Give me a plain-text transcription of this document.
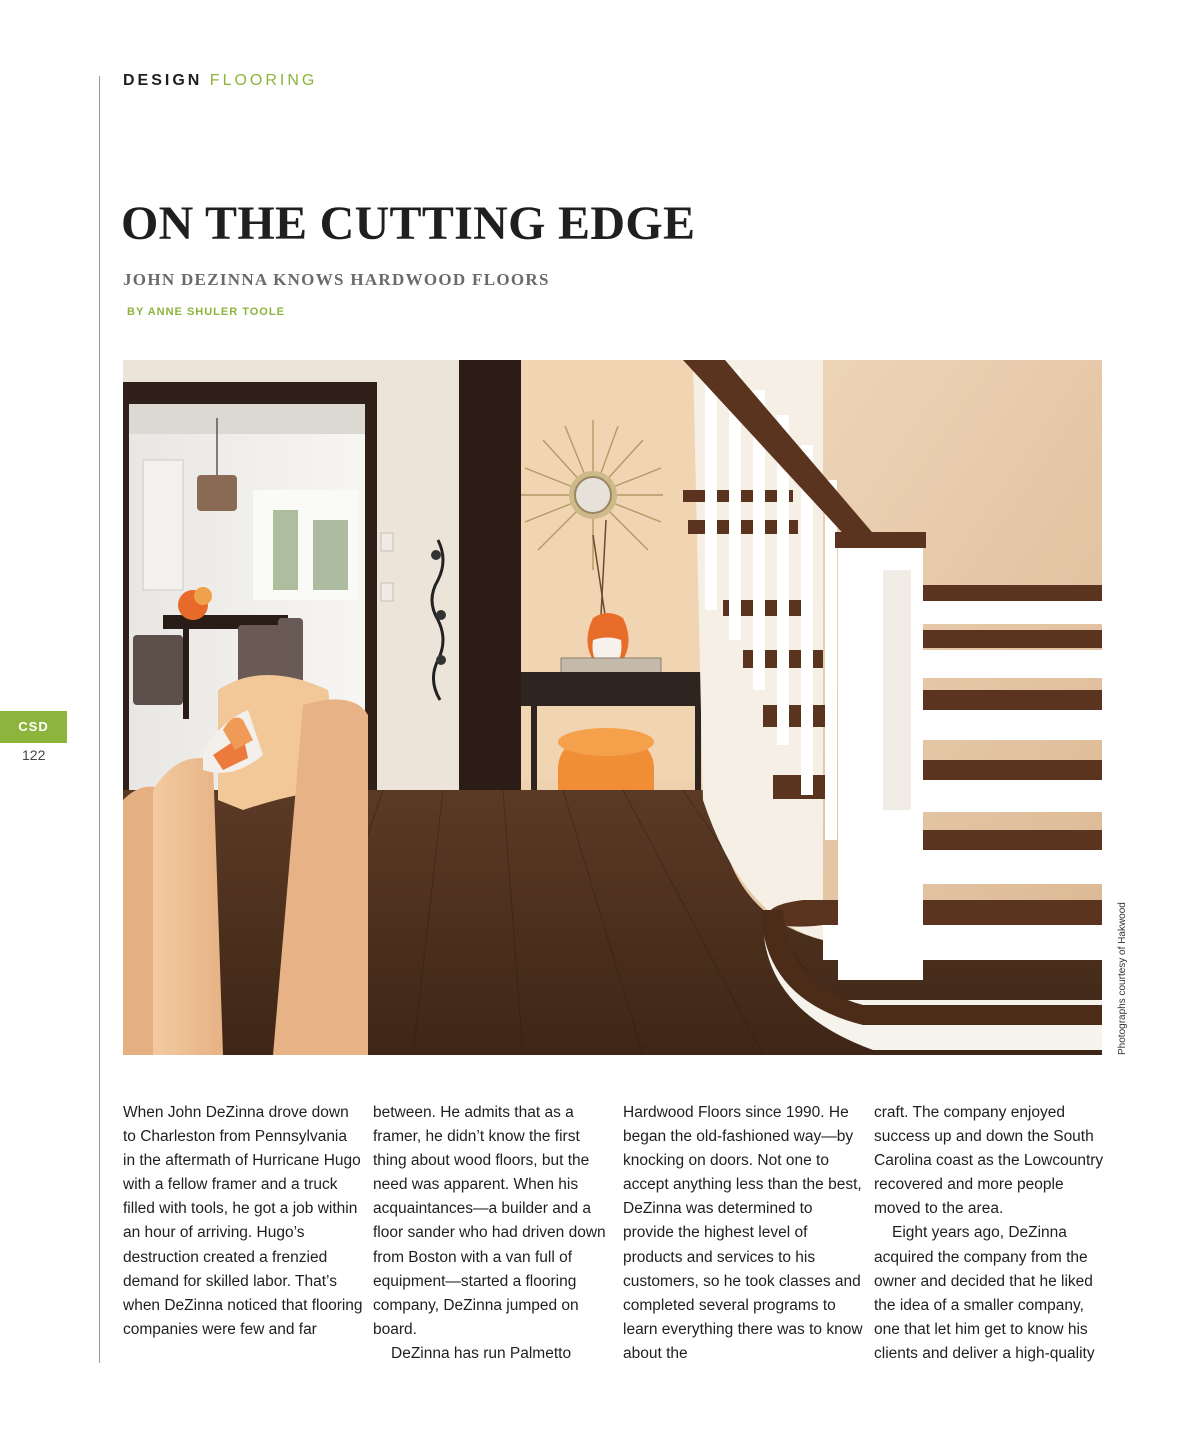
DESIGN FLOORING
ON THE CUTTING EDGE
JOHN DEZINNA KNOWS HARDWOOD FLOORS
BY ANNE SHULER TOOLE
CSD
122
Photographs courtesy of Hakwood

When John DeZinna drove down to Charleston from Pennsylvania in the aftermath of Hurricane Hugo with a fellow framer and a truck filled with tools, he got a job within an hour of arriving. Hugo’s destruction created a frenzied demand for skilled labor. That’s when DeZinna noticed that flooring companies were few and far

between. He admits that as a framer, he didn’t know the first thing about wood floors, but the need was apparent. When his acquaintances—a builder and a floor sander who had driven down from Boston with a van full of equipment—started a flooring company, DeZinna jumped on board.

DeZinna has run Palmetto

Hardwood Floors since 1990. He began the old-fashioned way—by knocking on doors. Not one to accept anything less than the best, DeZinna was determined to provide the highest level of products and services to his customers, so he took classes and completed several programs to learn everything there was to know about the

craft. The company enjoyed success up and down the South Carolina coast as the Lowcountry recovered and more people moved to the area.

Eight years ago, DeZinna acquired the company from the owner and decided that he liked the idea of a smaller company, one that let him get to know his clients and deliver a high-quality
